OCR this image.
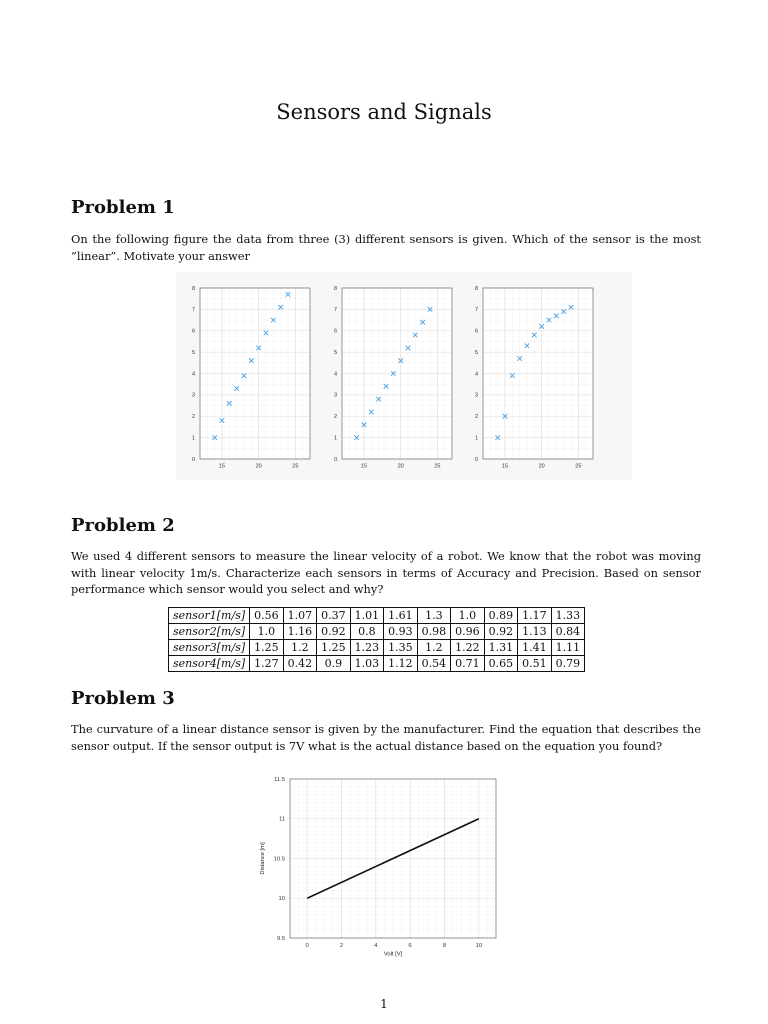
Sensors and Signals
Problem 1

On the following figure the data from three (3) different sensors is given. Which of the sensor is the most ”linear”. Motivate your answer

15	20	25
0
1
2
3
4
5
6
7
8
15	20	25
0
1
2
3
4
5
6
7
8
15	20	25
0
1
2
3
4
5
6
7
8
Problem 2

We used 4 different sensors to measure the linear velocity of a robot. We know that the robot was moving with linear velocity 1m/s. Characterize each sensors in terms of Accuracy and Precision. Based on sensor performance which sensor would you select and why?

sensor1[m/s]	0.56	1.07	0.37	1.01	1.61	1.3	1.0	0.89	1.17	1.33
sensor2[m/s]	1.0	1.16	0.92	0.8	0.93	0.98	0.96	0.92	1.13	0.84
sensor3[m/s]	1.25	1.2	1.25	1.23	1.35	1.2	1.22	1.31	1.41	1.11
sensor4[m/s]	1.27	0.42	0.9	1.03	1.12	0.54	0.71	0.65	0.51	0.79
Problem 3

The curvature of a linear distance sensor is given by the manufacturer. Find the equation that describes the sensor output. If the sensor output is 7V what is the actual distance based on the equation you found?

0	2	4	6	8	10
9.5
10
10.5
11
11.5
Volt [V]
Distance [m]
1
